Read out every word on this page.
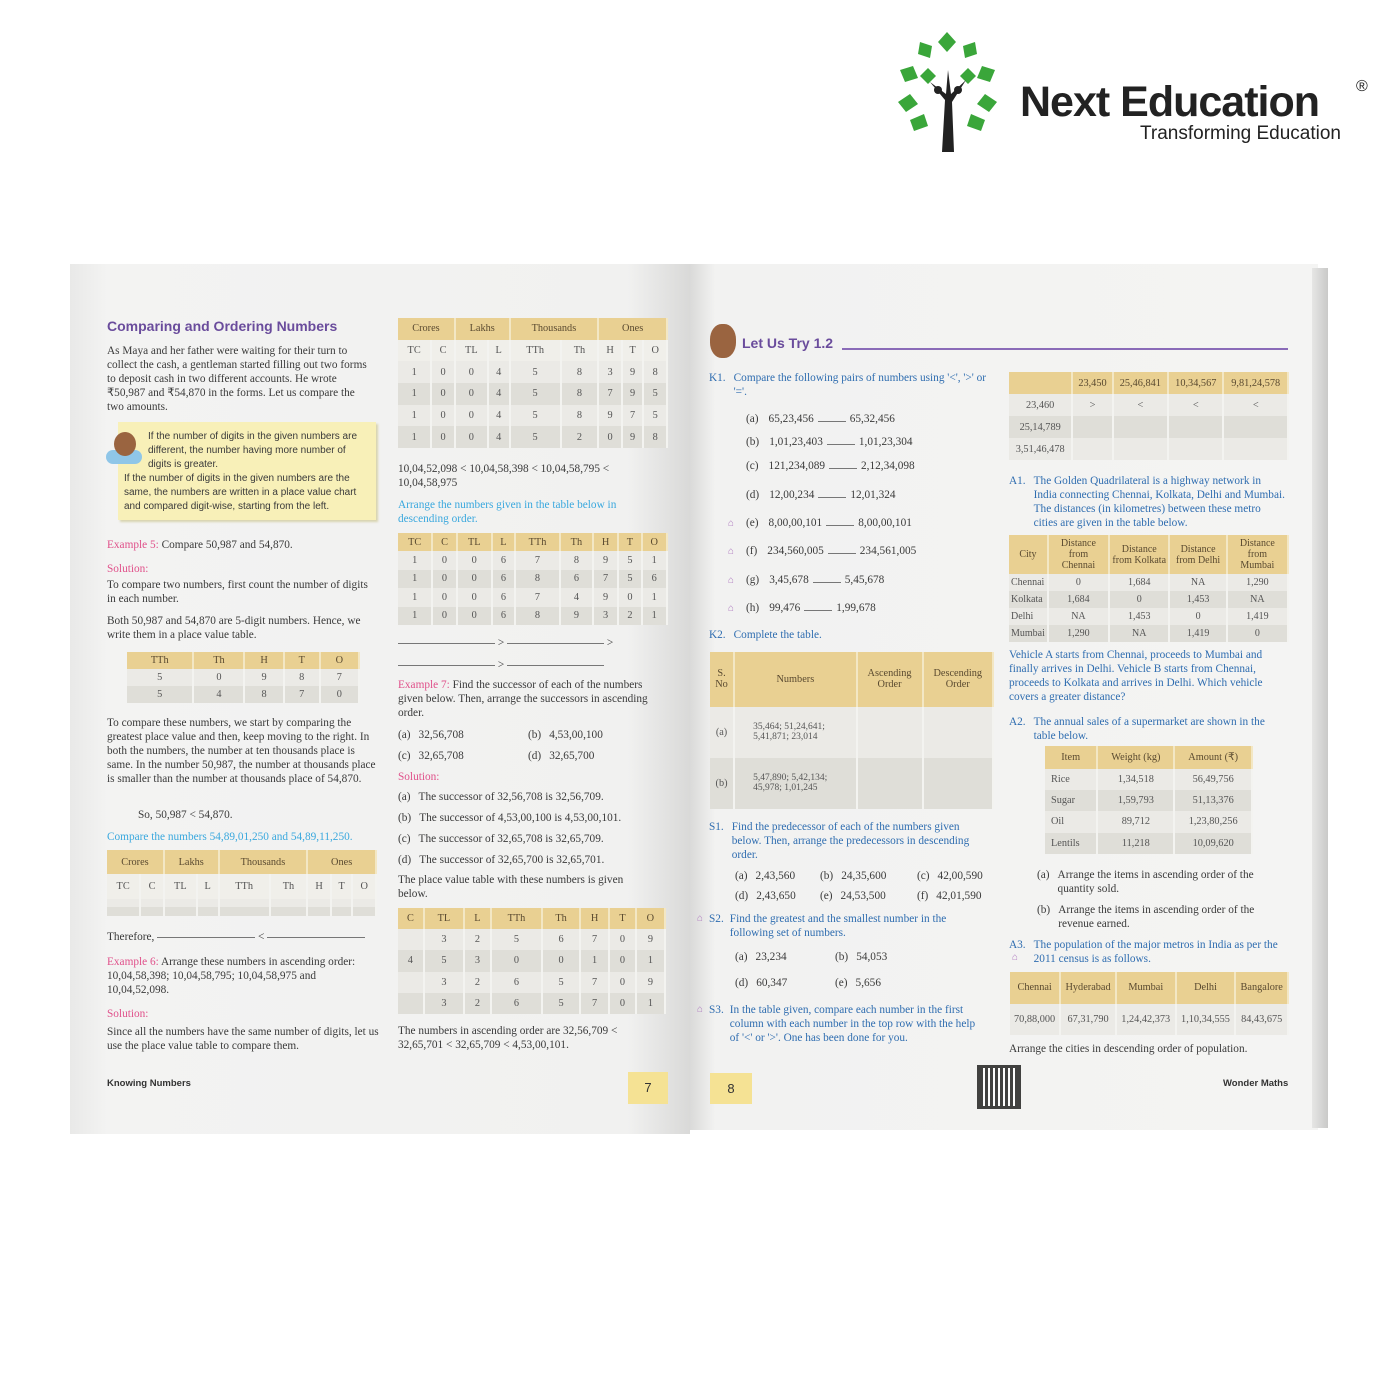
Next Education ®
Transforming Education
Comparing and Ordering Numbers
As Maya and her father were waiting for their turn to collect the cash, a gentleman started filling out two forms to deposit cash in two different accounts. He wrote ₹50,987 and ₹54,870 in the forms. Let us compare the two amounts.
If the number of digits in the given numbers are different, the number having more number of digits is greater.
If the number of digits in the given numbers are the same, the numbers are written in a place value chart and compared digit-wise, starting from the left.
Example 5: Compare 50,987 and 54,870.
Solution:
To compare two numbers, first count the number of digits in each number.
Both 50,987 and 54,870 are 5-digit numbers. Hence, we write them in a place value table.
TTh	Th	H	T	O
5	0	9	8	7
5	4	8	7	0
To compare these numbers, we start by comparing the greatest place value and then, keep moving to the right. In both the numbers, the number at ten thousands place is same. In the number 50,987, the number at thousands place is smaller than the number at thousands place of 54,870.
So, 50,987 < 54,870.
Compare the numbers 54,89,01,250 and 54,89,11,250.
Crores		Lakhs		Thousands		Ones		
TC	C	TL	L	TTh	Th	H	T	O

Therefore,	<
Example 6: Arrange these numbers in ascending order: 10,04,58,398; 10,04,58,795; 10,04,58,975 and 10,04,52,098.
Solution:
Since all the numbers have the same number of digits, let us use the place value table to compare them.
Knowing Numbers
Crores		Lakhs		Thousands		Ones		
TC	C	TL	L	TTh	Th	H	T	O
1	0	0	4	5	8	3	9	8
1	0	0	4	5	8	7	9	5
1	0	0	4	5	8	9	7	5
1	0	0	4	5	2	0	9	8
10,04,52,098 < 10,04,58,398 < 10,04,58,795 < 10,04,58,975
Arrange the numbers given in the table below in descending order.
TC	C	TL	L	TTh	Th	H	T	O
1	0	0	6	7	8	9	5	1
1	0	0	6	8	6	7	5	6
1	0	0	6	7	4	9	0	1
1	0	0	6	8	9	3	2	1
>	>
>
Example 7: Find the successor of each of the numbers given below. Then, arrange the successors in ascending order.
(a) 32,56,708	(b) 4,53,00,100
(c) 32,65,708	(d) 32,65,700
Solution:
(a) The successor of 32,56,708 is 32,56,709.
(b) The successor of 4,53,00,100 is 4,53,00,101.
(c) The successor of 32,65,708 is 32,65,709.
(d) The successor of 32,65,700 is 32,65,701.
The place value table with these numbers is given below.
C	TL	L	TTh	Th	H	T	O
	3	2	5	6	7	0	9
4	5	3	0	0	1	0	1
	3	2	6	5	7	0	9
	3	2	6	5	7	0	1
The numbers in ascending order are 32,56,709 < 32,65,701 < 32,65,709 < 4,53,00,101.
7
Let Us Try 1.2
K1. Compare the following pairs of numbers using '<', '>' or '='.
(a) 65,23,456	65,32,456
(b) 1,01,23,403	1,01,23,304
(c) 121,234,089	2,12,34,098
(d) 12,00,234	12,01,324
⌂ (e) 8,00,00,101	8,00,00,101
⌂ (f) 234,560,005	234,561,005
⌂ (g) 3,45,678	5,45,678
⌂ (h) 99,476	1,99,678
K2. Complete the table.
S. No	Numbers	Ascending Order	Descending Order
(a)	35,464; 51,24,641; 5,41,871; 23,014		
(b)	5,47,890; 5,42,134; 45,978; 1,01,245		
S1. Find the predecessor of each of the numbers given below. Then, arrange the predecessors in descending order.
(a) 2,43,560 (b) 24,35,600	(c) 42,00,590
(d) 2,43,650 (e) 24,53,500	(f) 42,01,590
⌂ S2. Find the greatest and the smallest number in the following set of numbers.
(a) 23,234	(b) 54,053
(d) 60,347	(e) 5,656
⌂ S3. In the table given, compare each number in the first column with each number in the top row with the help of '<' or '>'. One has been done for you.
8
	23,450	25,46,841	10,34,567	9,81,24,578
23,460	>	<	<	<
25,14,789				
3,51,46,478				
A1. The Golden Quadrilateral is a highway network in India connecting Chennai, Kolkata, Delhi and Mumbai. The distances (in kilometres) between these metro cities are given in the table below.
City	Distance from Chennai	Distance from Kolkata	Distance from Delhi	Distance from Mumbai
Chennai	0	1,684	NA	1,290
Kolkata	1,684	0	1,453	NA
Delhi	NA	1,453	0	1,419
Mumbai	1,290	NA	1,419	0
Vehicle A starts from Chennai, proceeds to Mumbai and finally arrives in Delhi. Vehicle B starts from Chennai, proceeds to Kolkata and arrives in Delhi. Which vehicle covers a greater distance?
A2. The annual sales of a supermarket are shown in the table below.
Item	Weight (kg)	Amount (₹)
Rice	1,34,518	56,49,756
Sugar	1,59,793	51,13,376
Oil	89,712	1,23,80,256
Lentils	11,218	10,09,620
(a) Arrange the items in ascending order of the quantity sold.
(b) Arrange the items in ascending order of the revenue earned.
A3. The population of the major metros in India as per the 2011 census is as follows.
⌂
Chennai	Hyderabad	Mumbai	Delhi	Bangalore
70,88,000	67,31,790	1,24,42,373	1,10,34,555	84,43,675
Arrange the cities in descending order of population.
Wonder Maths
